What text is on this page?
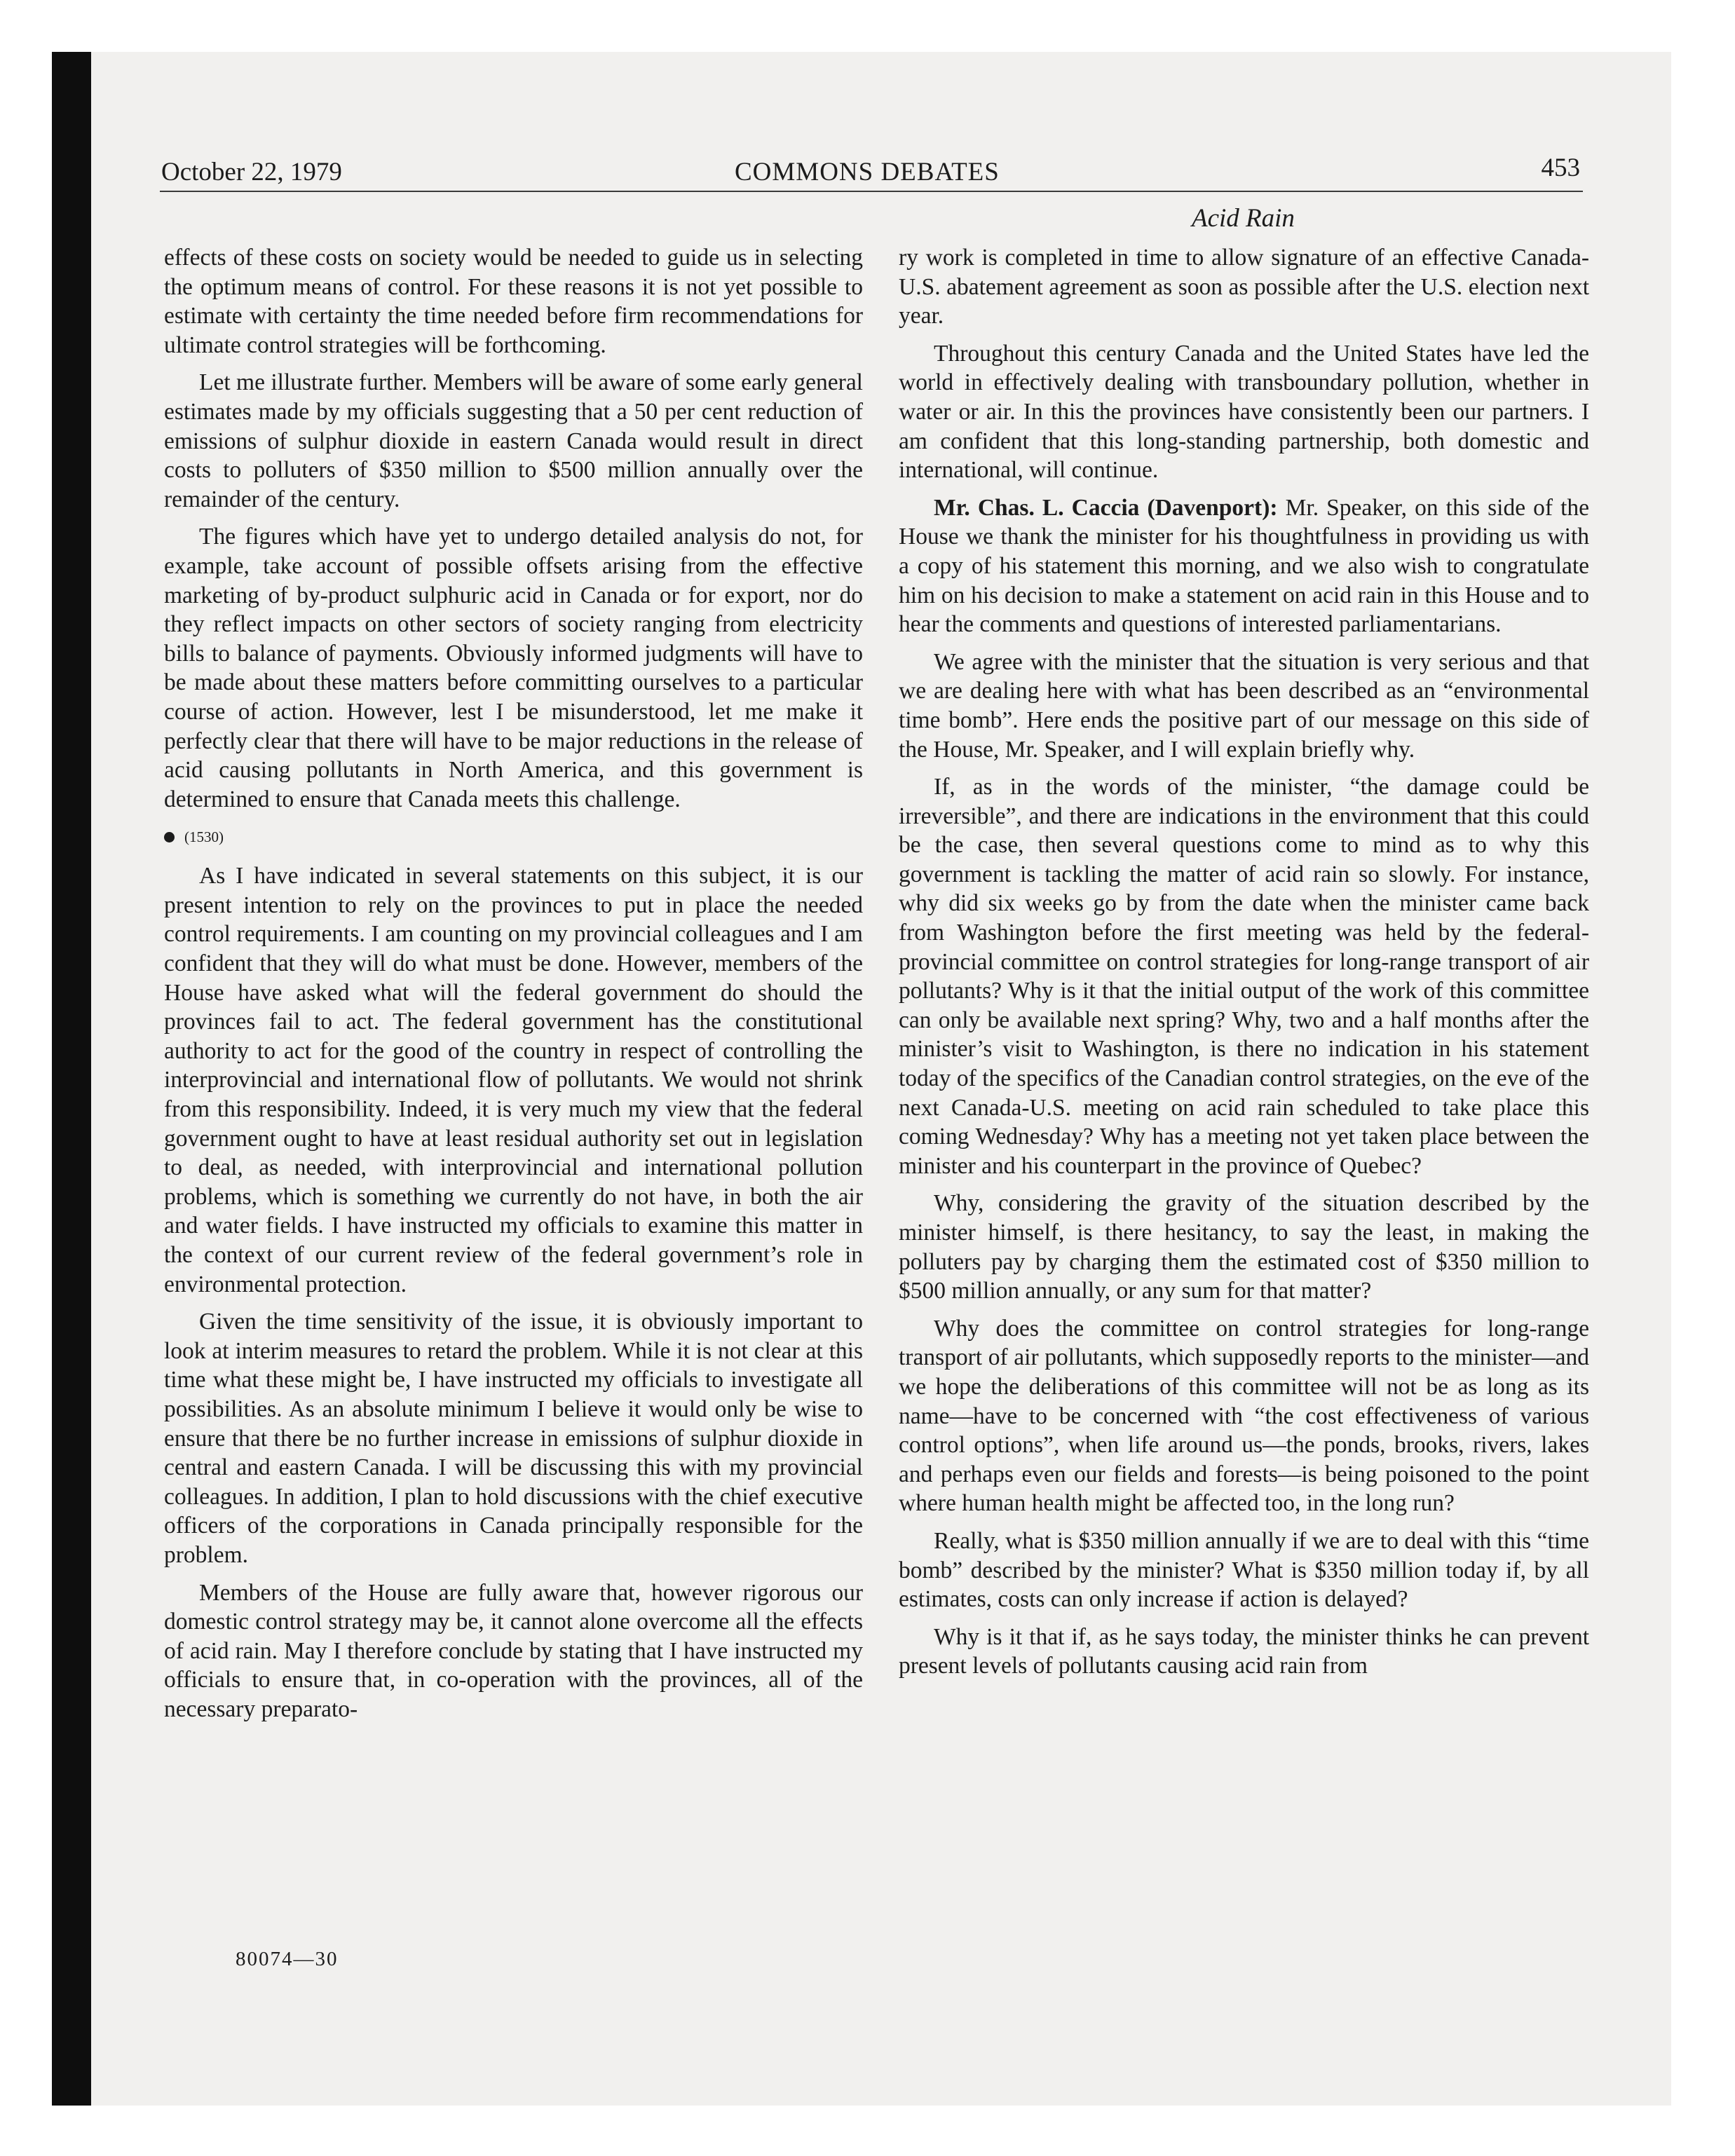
October 22, 1979	COMMONS DEBATES	453
Acid Rain

effects of these costs on society would be needed to guide us in selecting the optimum means of control. For these reasons it is not yet possible to estimate with certainty the time needed before firm recommendations for ultimate control strategies will be forthcoming.

Let me illustrate further. Members will be aware of some early general estimates made by my officials suggesting that a 50 per cent reduction of emissions of sulphur dioxide in eastern Canada would result in direct costs to polluters of $350 million to $500 million annually over the remainder of the century.

The figures which have yet to undergo detailed analysis do not, for example, take account of possible offsets arising from the effective marketing of by-product sulphuric acid in Canada or for export, nor do they reflect impacts on other sectors of society ranging from electricity bills to balance of payments. Obviously informed judgments will have to be made about these matters before committing ourselves to a particular course of action. However, lest I be misunderstood, let me make it perfectly clear that there will have to be major reductions in the release of acid causing pollutants in North America, and this government is determined to ensure that Canada meets this challenge.

(1530)

As I have indicated in several statements on this subject, it is our present intention to rely on the provinces to put in place the needed control requirements. I am counting on my provincial colleagues and I am confident that they will do what must be done. However, members of the House have asked what will the federal government do should the provinces fail to act. The federal government has the constitutional authority to act for the good of the country in respect of controlling the interprovincial and international flow of pollutants. We would not shrink from this responsibility. Indeed, it is very much my view that the federal government ought to have at least residual authority set out in legislation to deal, as needed, with interprovincial and international pollution problems, which is something we currently do not have, in both the air and water fields. I have instructed my officials to examine this matter in the context of our current review of the federal government’s role in environmental protection.

Given the time sensitivity of the issue, it is obviously important to look at interim measures to retard the problem. While it is not clear at this time what these might be, I have instructed my officials to investigate all possibilities. As an absolute minimum I believe it would only be wise to ensure that there be no further increase in emissions of sulphur dioxide in central and eastern Canada. I will be discussing this with my provincial colleagues. In addition, I plan to hold discussions with the chief executive officers of the corporations in Canada principally responsible for the problem.

Members of the House are fully aware that, however rigorous our domestic control strategy may be, it cannot alone overcome all the effects of acid rain. May I therefore conclude by stating that I have instructed my officials to ensure that, in co-operation with the provinces, all of the necessary preparato-

ry work is completed in time to allow signature of an effective Canada-U.S. abatement agreement as soon as possible after the U.S. election next year.

Throughout this century Canada and the United States have led the world in effectively dealing with transboundary pollution, whether in water or air. In this the provinces have consistently been our partners. I am confident that this long-standing partnership, both domestic and international, will continue.

Mr. Chas. L. Caccia (Davenport): Mr. Speaker, on this side of the House we thank the minister for his thoughtfulness in providing us with a copy of his statement this morning, and we also wish to congratulate him on his decision to make a statement on acid rain in this House and to hear the comments and questions of interested parliamentarians.

We agree with the minister that the situation is very serious and that we are dealing here with what has been described as an “environmental time bomb”. Here ends the positive part of our message on this side of the House, Mr. Speaker, and I will explain briefly why.

If, as in the words of the minister, “the damage could be irreversible”, and there are indications in the environment that this could be the case, then several questions come to mind as to why this government is tackling the matter of acid rain so slowly. For instance, why did six weeks go by from the date when the minister came back from Washington before the first meeting was held by the federal-provincial committee on control strategies for long-range transport of air pollutants? Why is it that the initial output of the work of this committee can only be available next spring? Why, two and a half months after the minister’s visit to Washington, is there no indication in his statement today of the specifics of the Canadian control strategies, on the eve of the next Canada-U.S. meeting on acid rain scheduled to take place this coming Wednesday? Why has a meeting not yet taken place between the minister and his counterpart in the province of Quebec?

Why, considering the gravity of the situation described by the minister himself, is there hesitancy, to say the least, in making the polluters pay by charging them the estimated cost of $350 million to $500 million annually, or any sum for that matter?

Why does the committee on control strategies for long-range transport of air pollutants, which supposedly reports to the minister—and we hope the deliberations of this committee will not be as long as its name—have to be concerned with “the cost effectiveness of various control options”, when life around us—the ponds, brooks, rivers, lakes and perhaps even our fields and forests—is being poisoned to the point where human health might be affected too, in the long run?

Really, what is $350 million annually if we are to deal with this “time bomb” described by the minister? What is $350 million today if, by all estimates, costs can only increase if action is delayed?

Why is it that if, as he says today, the minister thinks he can prevent present levels of pollutants causing acid rain from

80074—30
